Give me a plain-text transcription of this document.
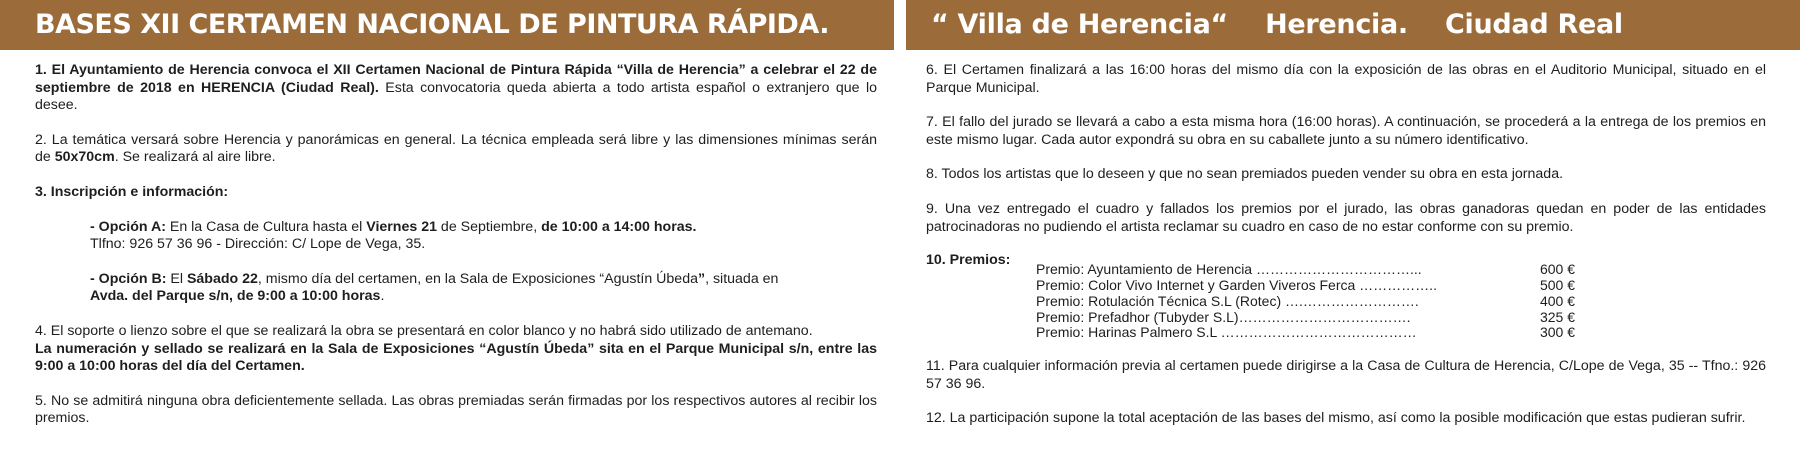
BASES XII CERTAMEN NACIONAL DE PINTURA RÁPIDA.	“ Villa de Herencia“ Herencia. Ciudad Real

1. El Ayuntamiento de Herencia convoca el XII Certamen Nacional de Pintura Rápida “Villa de Herencia” a celebrar el 22 de septiembre de 2018 en HERENCIA (Ciudad Real). Esta convocatoria queda abierta a todo artista español o extranjero que lo desee.

2. La temática versará sobre Herencia y panorámicas en general. La técnica empleada será libre y las dimensiones mínimas serán de 50x70cm. Se realizará al aire libre.

3. Inscripción e información:

- Opción A: En la Casa de Cultura hasta el Viernes 21 de Septiembre, de 10:00 a 14:00 horas.
Tlfno: 926 57 36 96 - Dirección: C/ Lope de Vega, 35.

- Opción B: El Sábado 22, mismo día del certamen, en la Sala de Exposiciones “Agustín Úbeda”, situada en
Avda. del Parque s/n, de 9:00 a 10:00 horas.

4. El soporte o lienzo sobre el que se realizará la obra se presentará en color blanco y no habrá sido utilizado de antemano.
La numeración y sellado se realizará en la Sala de Exposiciones “Agustín Úbeda” sita en el Parque Municipal s/n, entre las 9:00 a 10:00 horas del día del Certamen.

5. No se admitirá ninguna obra deficientemente sellada. Las obras premiadas serán firmadas por los respectivos autores al recibir los premios.

6. El Certamen finalizará a las 16:00 horas del mismo día con la exposición de las obras en el Auditorio Municipal, situado en el Parque Municipal.

7. El fallo del jurado se llevará a cabo a esta misma hora (16:00 horas). A continuación, se procederá a la entrega de los premios en este mismo lugar. Cada autor expondrá su obra en su caballete junto a su número identificativo.

8. Todos los artistas que lo deseen y que no sean premiados pueden vender su obra en esta jornada.

9. Una vez entregado el cuadro y fallados los premios por el jurado, las obras ganadoras quedan en poder de las entidades patrocinadoras no pudiendo el artista reclamar su cuadro en caso de no estar conforme con su premio.

10. Premios:
Premio: Ayuntamiento de Herencia ……………………………...	600 €
Premio: Color Vivo Internet y Garden Viveros Ferca ……………..	500 €
Premio: Rotulación Técnica S.L (Rotec) ….…………………….	400 €
Premio: Prefadhor (Tubyder S.L)……………………………….	325 €
Premio: Harinas Palmero S.L ……………………………………	300 €

11. Para cualquier información previa al certamen puede dirigirse a la Casa de Cultura de Herencia, C/Lope de Vega, 35 -- Tfno.: 926 57 36 96.

12. La participación supone la total aceptación de las bases del mismo, así como la posible modificación que estas pudieran sufrir.
